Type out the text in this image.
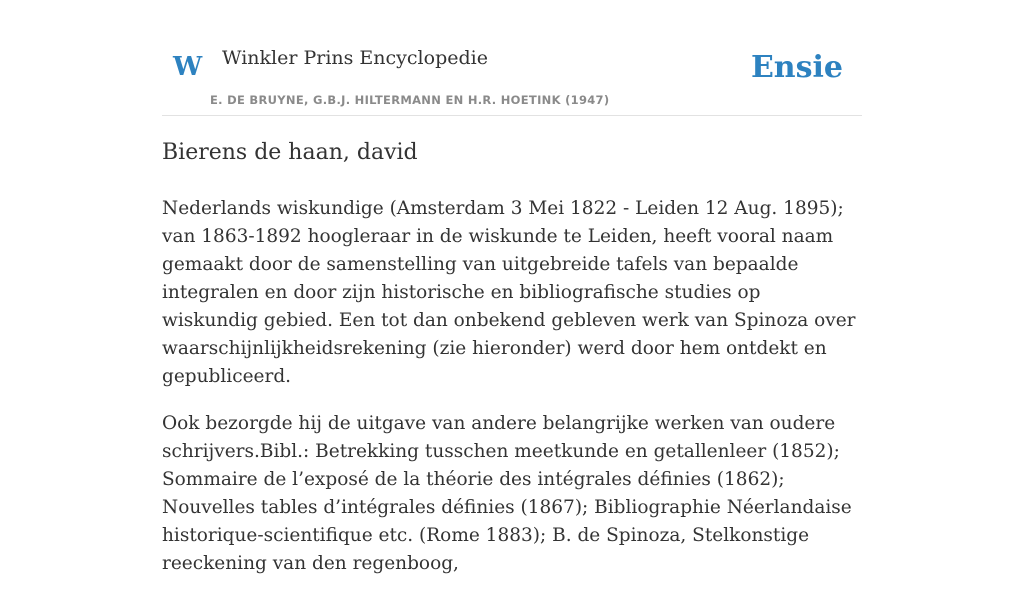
W Winkler Prins Encyclopedie
E. DE BRUYNE, G.B.J. HILTERMANN EN H.R. HOETINK (1947)
Ensie
Bierens de haan, david

Nederlands wiskundige (Amsterdam 3 Mei 1822 - Leiden 12 Aug. 1895); van 1863-1892 hoogleraar in de wiskunde te Leiden, heeft vooral naam gemaakt door de samenstelling van uitgebreide tafels van bepaalde integralen en door zijn historische en bibliografische studies op wiskundig gebied. Een tot dan onbekend gebleven werk van Spinoza over waarschijnlijkheidsrekening (zie hieronder) werd door hem ontdekt en gepubliceerd.

Ook bezorgde hij de uitgave van andere belangrijke werken van oudere schrijvers.Bibl.: Betrekking tusschen meetkunde en getallenleer (1852); Sommaire de l’exposé de la théorie des intégrales définies (1862); Nouvelles tables d’intégrales définies (1867); Bibliographie Néerlandaise historique-scientifique etc. (Rome 1883); B. de Spinoza, Stelkonstige reeckening van den regenboog,
